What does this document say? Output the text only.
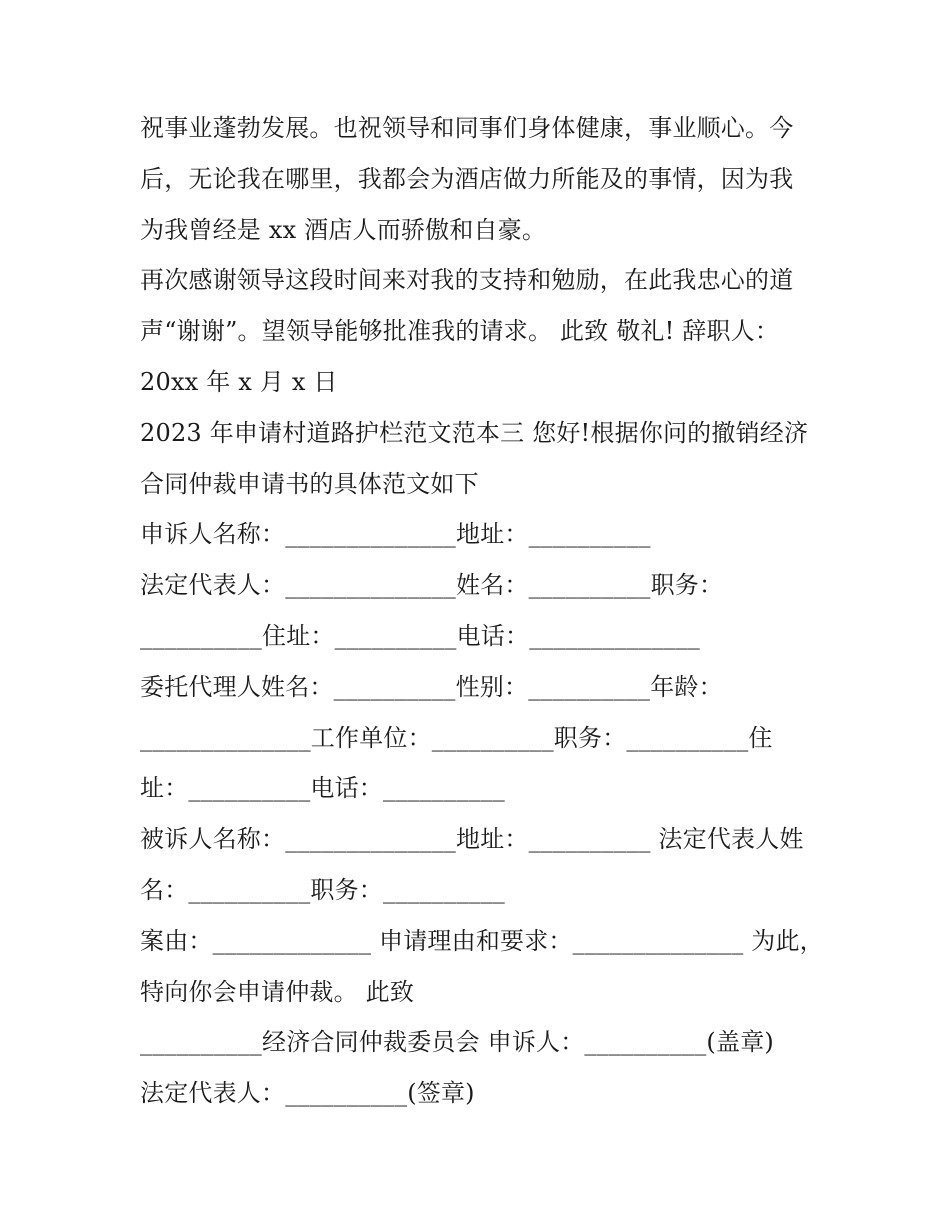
祝事业蓬勃发展。也祝领导和同事们身体健康，事业顺心。今
后，无论我在哪里，我都会为酒店做力所能及的事情，因为我
为我曾经是 xx 酒店人而骄傲和自豪。
再次感谢领导这段时间来对我的支持和勉励，在此我忠心的道
声“谢谢”。望领导能够批准我的请求。 此致 敬礼! 辞职人：
20xx 年 x 月 x 日
2023 年申请村道路护栏范文范本三 您好!根据你问的撤销经济
合同仲裁申请书的具体范文如下
申诉人名称：______________地址：__________
法定代表人：______________姓名：__________职务：
__________住址：__________电话：______________
委托代理人姓名：__________性别：__________年龄：
______________工作单位：__________职务：__________住
址：__________电话：__________
被诉人名称：______________地址：__________ 法定代表人姓
名：__________职务：__________
案由：_____________ 申请理由和要求：______________ 为此，
特向你会申请仲裁。 此致
__________经济合同仲裁委员会 申诉人：__________(盖章)
法定代表人：__________(签章)
